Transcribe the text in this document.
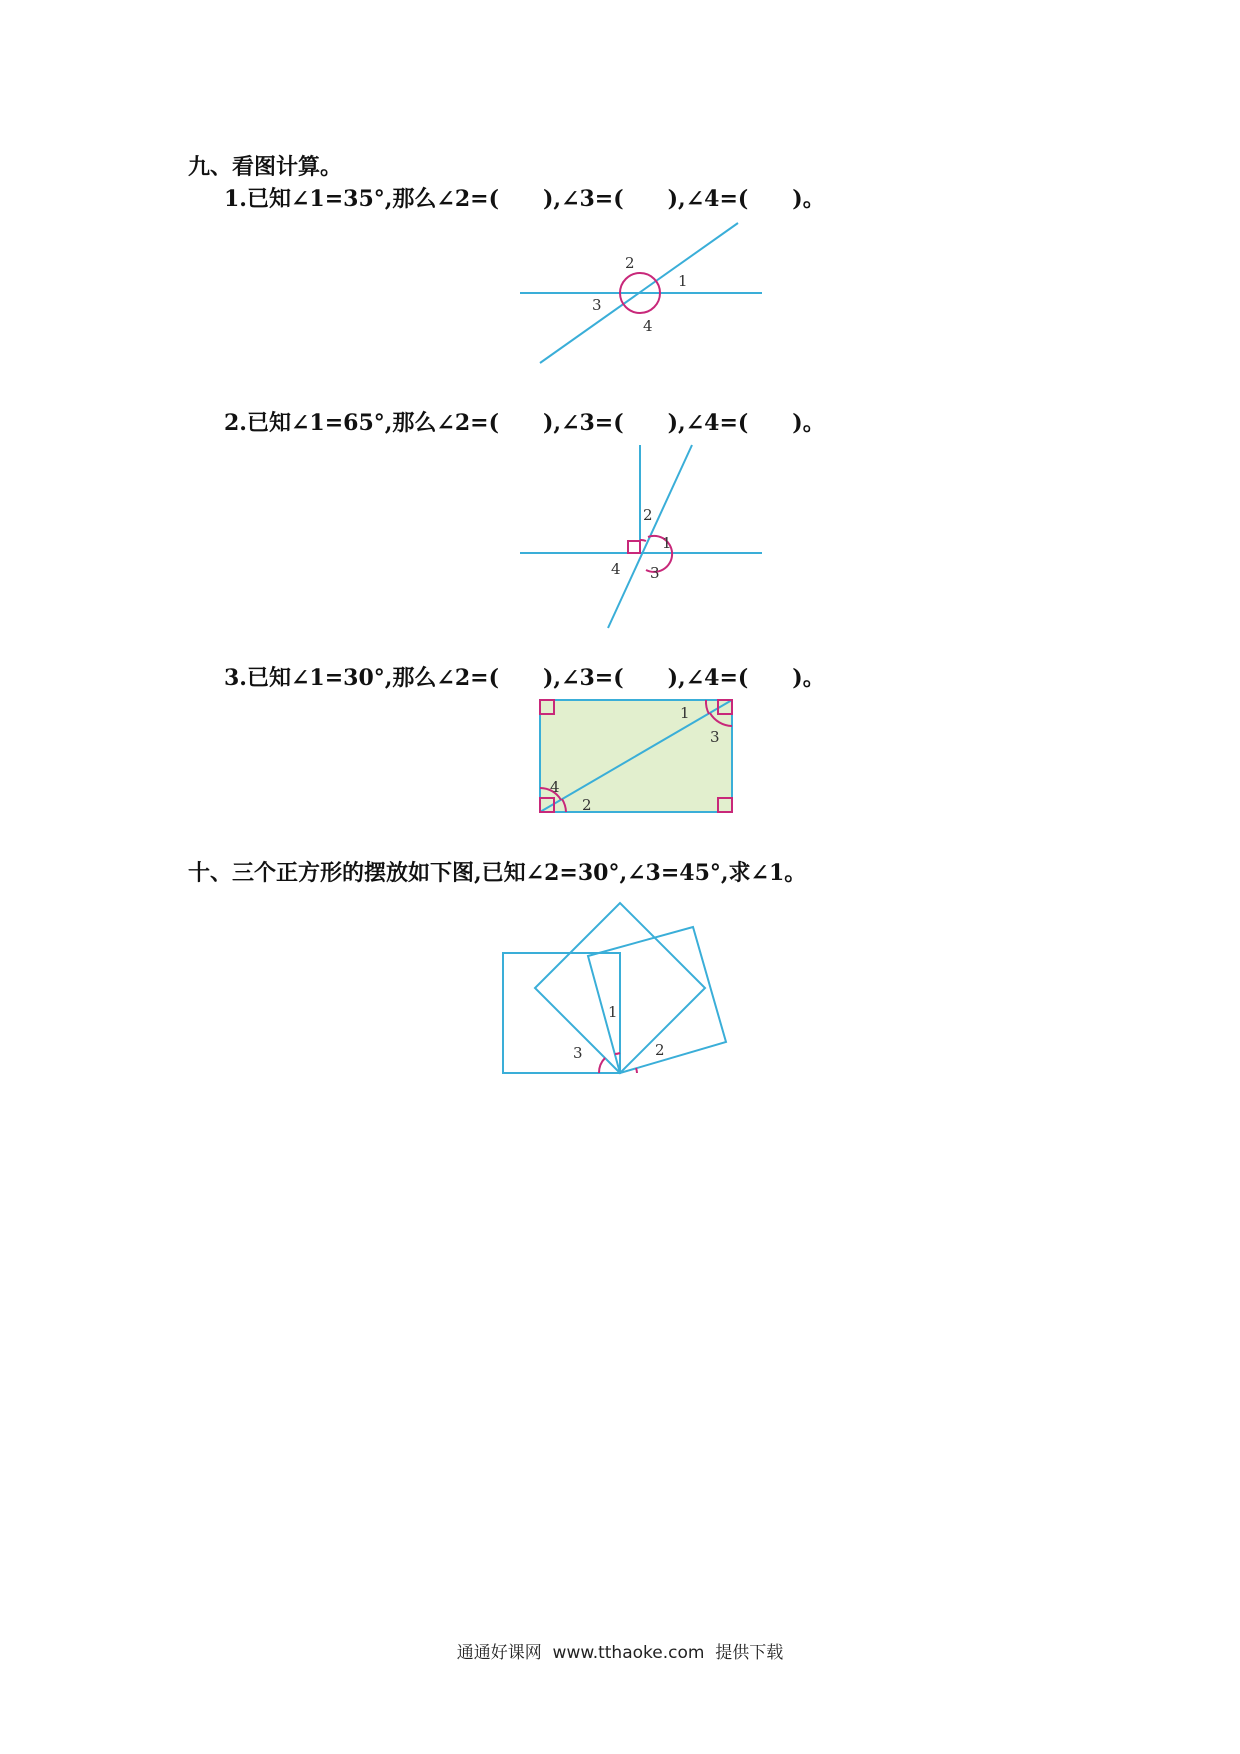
九、看图计算。
1.已知∠1=35°,那么∠2=(　　),∠3=(　　),∠4=(　　)。
2
1
3
4
2.已知∠1=65°,那么∠2=(　　),∠3=(　　),∠4=(　　)。
2
1
4 3
3.已知∠1=30°,那么∠2=(　　),∠3=(　　),∠4=(　　)。
1
3
4
2
十、三个正方形的摆放如下图,已知∠2=30°,∠3=45°,求∠1。
1
3	2
通通好课网  www.tthaoke.com  提供下载
